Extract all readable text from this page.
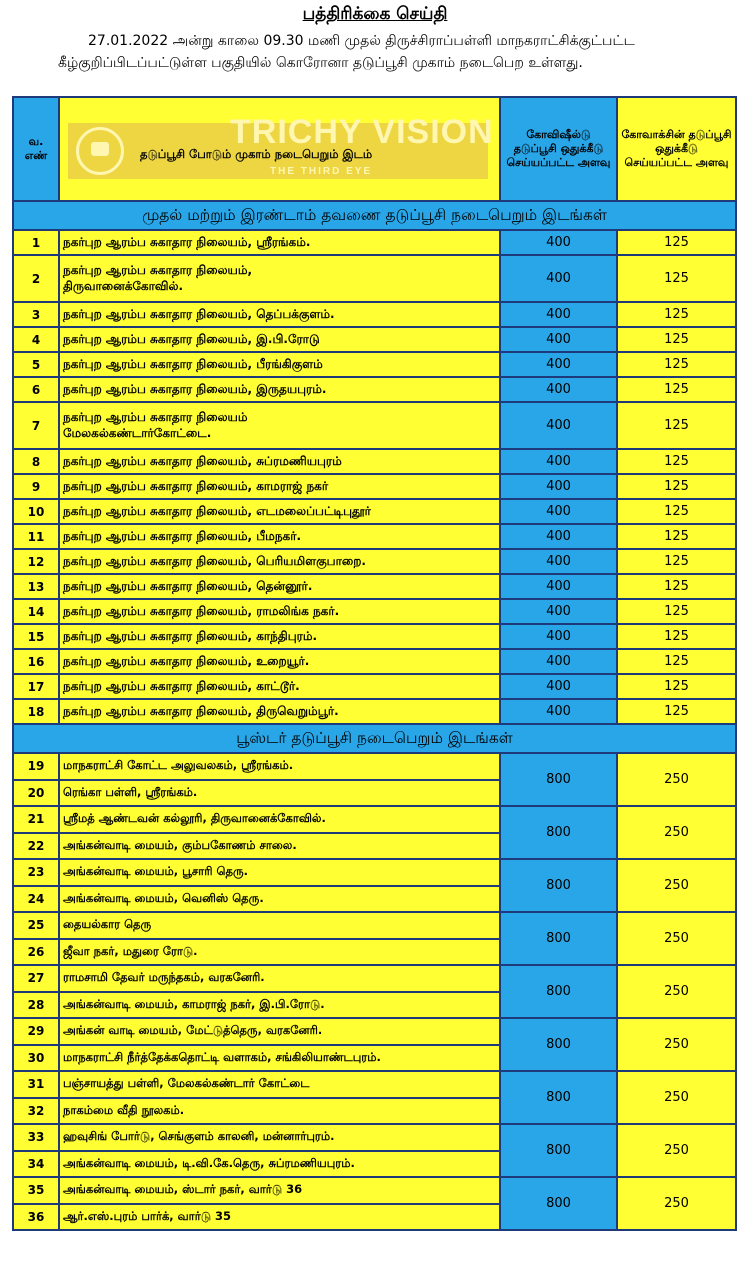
பத்திரிக்கை செய்தி
27.01.2022 அன்று காலை 09.30 மணி முதல் திருச்சிராப்பள்ளி மாநகராட்சிக்குட்பட்ட
கீழ்குறிப்பிடப்பட்டுள்ள பகுதியில் கொரோனா தடுப்பூசி முகாம் நடைபெற உள்ளது.
வ. எண்	TRICHY VISION
THE THIRD EYE
தடுப்பூசி போடும் முகாம் நடைபெறும் இடம்	கோவிஷீல்டு தடுப்பூசி ஒதுக்கீடு செய்யப்பட்ட அளவு	கோவாக்சின் தடுப்பூசி ஒதுக்கீடு செய்யப்பட்ட அளவு
முதல் மற்றும் இரண்டாம் தவணை தடுப்பூசி நடைபெறும் இடங்கள்			
1	நகர்புற ஆரம்ப சுகாதார நிலையம், ஸ்ரீரங்கம்.	400	125
2	நகர்புற ஆரம்ப சுகாதார நிலையம்,
திருவானைக்கோவில்.	400	125
3	நகர்புற ஆரம்ப சுகாதார நிலையம், தெப்பக்குளம்.	400	125
4	நகர்புற ஆரம்ப சுகாதார நிலையம், இ.பி.ரோடு	400	125
5	நகர்புற ஆரம்ப சுகாதார நிலையம், பீரங்கிகுளம்	400	125
6	நகர்புற ஆரம்ப சுகாதார நிலையம், இருதயபுரம்.	400	125
7	நகர்புற ஆரம்ப சுகாதார நிலையம்
மேலகல்கண்டார்கோட்டை.	400	125
8	நகர்புற ஆரம்ப சுகாதார நிலையம், சுப்ரமணியபுரம்	400	125
9	நகர்புற ஆரம்ப சுகாதார நிலையம், காமராஜ் நகர்	400	125
10	நகர்புற ஆரம்ப சுகாதார நிலையம், எடமலைப்பட்டிபுதூர்	400	125
11	நகர்புற ஆரம்ப சுகாதார நிலையம், பீமநகர்.	400	125
12	நகர்புற ஆரம்ப சுகாதார நிலையம், பெரியமிளகுபாறை.	400	125
13	நகர்புற ஆரம்ப சுகாதார நிலையம், தென்னூர்.	400	125
14	நகர்புற ஆரம்ப சுகாதார நிலையம், ராமலிங்க நகர்.	400	125
15	நகர்புற ஆரம்ப சுகாதார நிலையம், காந்திபுரம்.	400	125
16	நகர்புற ஆரம்ப சுகாதார நிலையம், உறையூர்.	400	125
17	நகர்புற ஆரம்ப சுகாதார நிலையம், காட்டூர்.	400	125
18	நகர்புற ஆரம்ப சுகாதார நிலையம், திருவெறும்பூர்.	400	125
பூஸ்டர் தடுப்பூசி நடைபெறும் இடங்கள்			
19	மாநகராட்சி கோட்ட அலுவலகம், ஸ்ரீரங்கம்.	800	250
20	ரெங்கா பள்ளி, ஸ்ரீரங்கம்.		
21	ஸ்ரீமத் ஆண்டவன் கல்லூரி, திருவானைக்கோவில்.	800	250
22	அங்கன்வாடி மையம், கும்பகோணம் சாலை.		
23	அங்கன்வாடி மையம், பூசாரி தெரு.	800	250
24	அங்கன்வாடி மையம், வெனிஸ் தெரு.		
25	தையல்கார தெரு	800	250
26	ஜீவா நகர், மதுரை ரோடு.		
27	ராமசாமி தேவர் மருந்தகம், வரகனேரி.	800	250
28	அங்கன்வாடி மையம், காமராஜ் நகர், இ.பி.ரோடு.		
29	அங்கன் வாடி மையம், மேட்டுத்தெரு, வரகனேரி.	800	250
30	மாநகராட்சி நீர்த்தேக்கதொட்டி வளாகம், சங்கிலியாண்டபுரம்.		
31	பஞ்சாயத்து பள்ளி, மேலகல்கண்டார் கோட்டை	800	250
32	நாகம்மை வீதி நூலகம்.		
33	ஹவுசிங் போர்டு, செங்குளம் காலனி, மன்னார்புரம்.	800	250
34	அங்கன்வாடி மையம், டி.வி.கே.தெரு, சுப்ரமணியபுரம்.		
35	அங்கன்வாடி மையம், ஸ்டார் நகர், வார்டு 36	800	250
36	ஆர்.எஸ்.புரம் பார்க், வார்டு 35		
